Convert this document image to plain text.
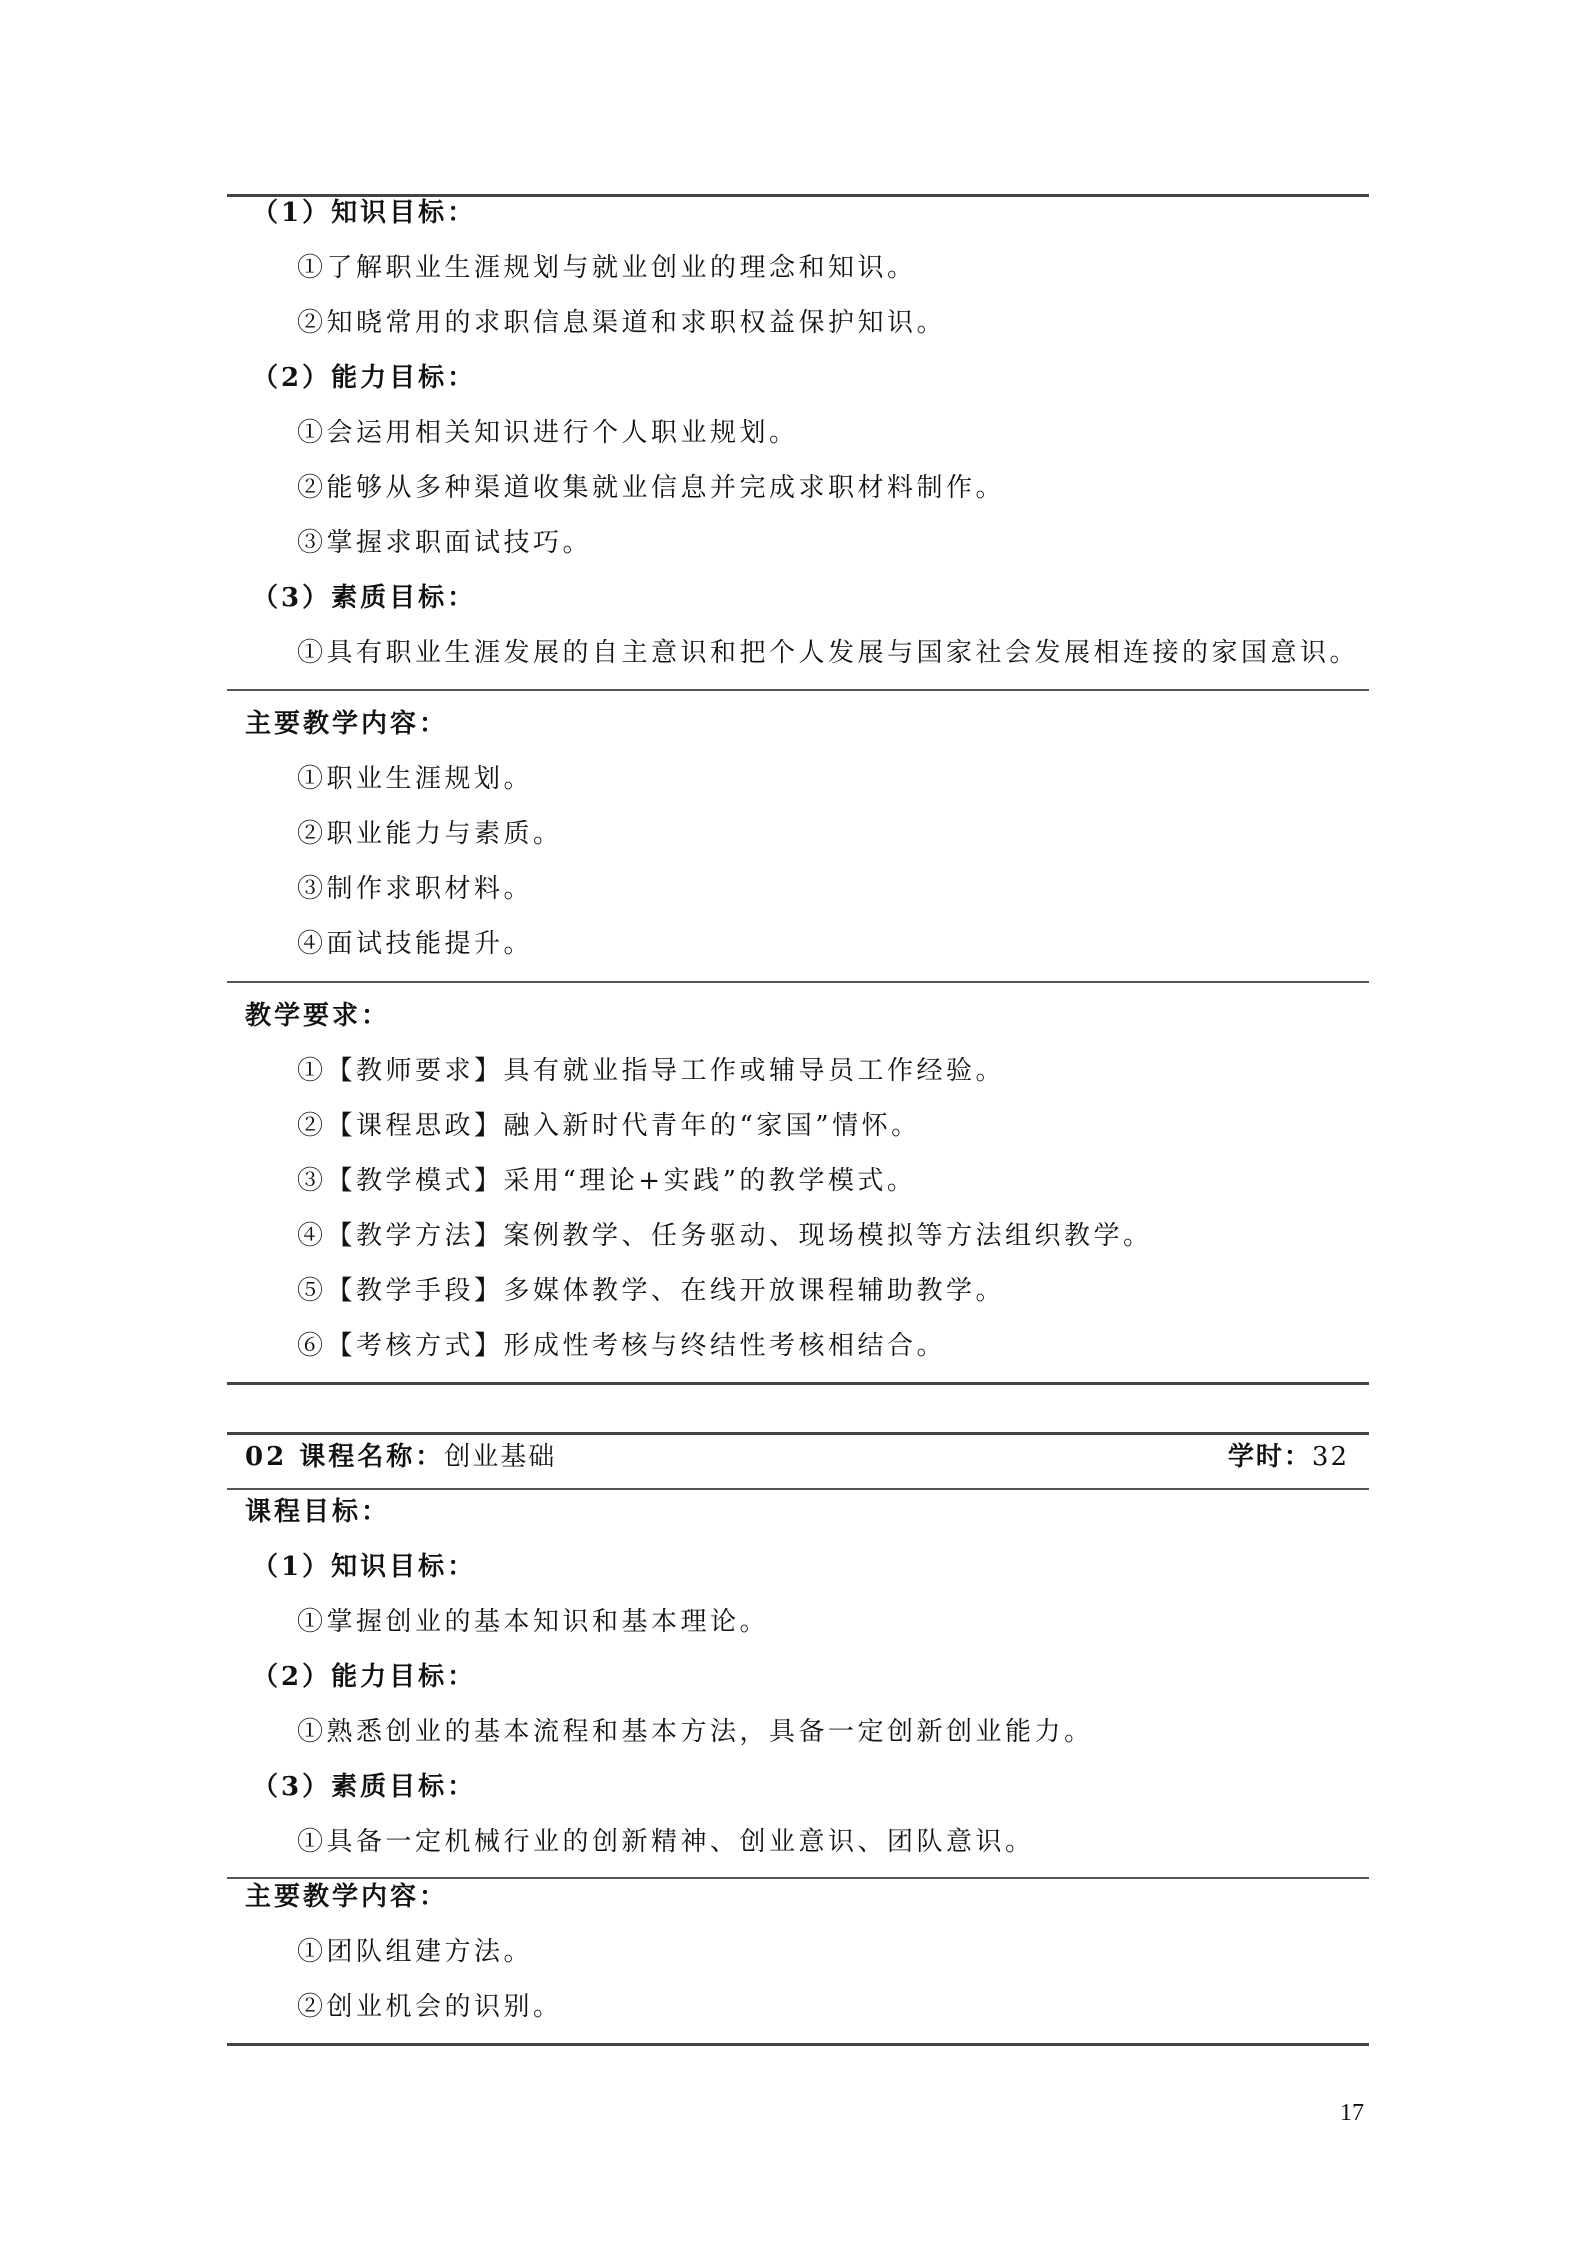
（1）知识目标：
①了解职业生涯规划与就业创业的理念和知识。
②知晓常用的求职信息渠道和求职权益保护知识。
（2）能力目标：
①会运用相关知识进行个人职业规划。
②能够从多种渠道收集就业信息并完成求职材料制作。
③掌握求职面试技巧。
（3）素质目标：
①具有职业生涯发展的自主意识和把个人发展与国家社会发展相连接的家国意识。
主要教学内容：
①职业生涯规划。
②职业能力与素质。
③制作求职材料。
④面试技能提升。
教学要求：
①【教师要求】具有就业指导工作或辅导员工作经验。
②【课程思政】融入新时代青年的“家国”情怀。
③【教学模式】采用“理论+实践”的教学模式。
④【教学方法】案例教学、任务驱动、现场模拟等方法组织教学。
⑤【教学手段】多媒体教学、在线开放课程辅助教学。
⑥【考核方式】形成性考核与终结性考核相结合。
02 课程名称：创业基础	学时：32
课程目标：
（1）知识目标：
①掌握创业的基本知识和基本理论。
（2）能力目标：
①熟悉创业的基本流程和基本方法，具备一定创新创业能力。
（3）素质目标：
①具备一定机械行业的创新精神、创业意识、团队意识。
主要教学内容：
①团队组建方法。
②创业机会的识别。
17
